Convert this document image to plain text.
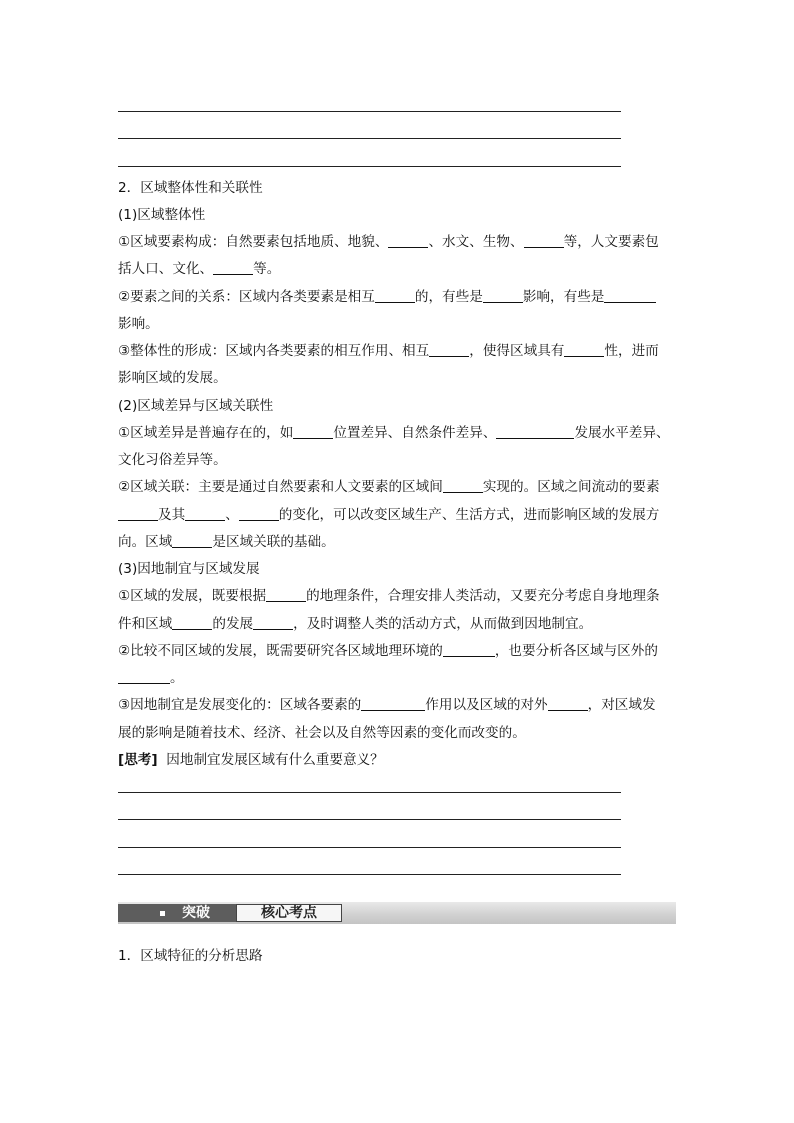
2．区域整体性和关联性
(1)区域整体性
①区域要素构成：自然要素包括地质、地貌、	、水文、生物、	等，人文要素包
括人口、文化、	等。
②要素之间的关系：区域内各类要素是相互	的，有些是	影响，有些是
影响。
③整体性的形成：区域内各类要素的相互作用、相互	，使得区域具有	性，进而
影响区域的发展。
(2)区域差异与区域关联性
①区域差异是普遍存在的，如	位置差异、自然条件差异、	发展水平差异、
文化习俗差异等。
②区域关联：主要是通过自然要素和人文要素的区域间	实现的。区域之间流动的要素
及其	、	的变化，可以改变区域生产、生活方式，进而影响区域的发展方
向。区域	是区域关联的基础。
(3)因地制宜与区域发展
①区域的发展，既要根据	的地理条件，合理安排人类活动，又要充分考虑自身地理条
件和区域	的发展	，及时调整人类的活动方式，从而做到因地制宜。
②比较不同区域的发展，既需要研究各区域地理环境的	，也要分析各区域与区外的
。
③因地制宜是发展变化的：区域各要素的	作用以及区域的对外	，对区域发
展的影响是随着技术、经济、社会以及自然等因素的变化而改变的。
[思考] 因地制宜发展区域有什么重要意义？
突破	核心考点
1．区域特征的分析思路
